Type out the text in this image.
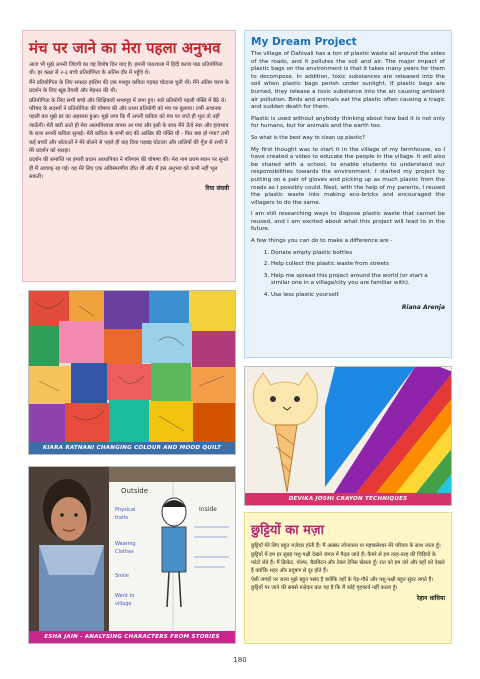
मंच पर जाने का मेरा पहला अनुभव

आज भी मुझे अपनी जिंदगी का वह विशेष दिन याद है। हमारी पाठशाला में हिंदी काव्य पाठ प्रतियोगिता थी। हर कक्षा से २-३ बच्चे प्रतियोगिता के अंतिम दौर में पहुँचे थे।

मैंने प्रतियोगिता के लिए सफदर हाशिम की एक मशहूर कविता गड़बड़ घोटाला चुनी थी। मैंने अंतिम चरण के प्रदर्शन के लिए खूब तैयारी और मेहनत की थी।

प्रतियोगिता के लिए सभी बच्चे और शिक्षिकाएँ सभागृह में जमा हुए। सारे प्रतियोगी पहली पंक्ति में बैठे थे। परिषद के सदस्यों ने प्रतियोगिता की घोषणा की और प्रथम प्रतियोगी को मंच पर बुलाया। तभी अचानक पहली बार मुझे डर का अहसास हुआ। मुझे लगा कि मैं अपनी कविता को मंच पर जाते ही भूल तो नहीं जाऊँगी। मेरी बारी आते ही मेरा आत्मविश्वास वापस आ गया और इसी के साथ मैंने ऊँचे स्वर और हावभाव के साथ अपनी कविता सुनाई। मेरी कविता के सभी छंद की आखिर की पंक्ति थी - फिर क्या हो गया? तभी कई बच्चों और श्रोताओं ने मेरे बोलने से पहले ही कह दिया गड़बड़ घोटाला और तालियों की गूँज से सभी ने मेरे प्रदर्शन को सराहा।

प्रदर्शन की समाप्ति पर हमारी प्रधान अध्यापिका ने परिणाम की घोषणा की। मेरा नाम प्रथम स्थान पर सुनते ही मैं आवाक् रह गई। वह मेरे लिए एक अविस्मरणीय जीत थी और मैं इस अनुभव को कभी नहीं भूल सकती।

रिया संघवी
My Dream Project

The village of Dahivali has a ton of plastic waste all around the sides of the roads, and it pollutes the soil and air. The major impact of plastic bags on the environment is that it takes many years for them to decompose. In addition, toxic substances are released into the soil when plastic bags perish under sunlight. If plastic bags are burned, they release a toxic substance into the air causing ambient air pollution. Birds and animals eat the plastic often causing a tragic and sudden death for them.

Plastic is used without anybody thinking about how bad it is not only for humans, but for animals and the earth too.

So what is the best way to clean up plastic?

My first thought was to start it in the village of my farmhouse, so I have created a video to educate the people in the village. It will also be shared with a school, to enable students to understand our responsibilities towards the environment. I started my project by putting on a pair of gloves and picking up as much plastic from the roads as I possibly could. Next, with the help of my parents, I reused the plastic waste into making eco-bricks and encouraged the villagers to do the same.

I am still researching ways to dispose plastic waste that cannot be reused, and I am excited about what this project will lead to in the future.

A few things you can do to make a difference are -

1. Donate empty plastic bottles
2. Help collect the plastic waste from streets
3. Help me spread this project around the world (or start a similar one in a village/city you are familiar with).
4. Use less plastic yourself.
Riana Arenja
KIARA RATNANI CHANGING COLOUR AND MOOD QUILT
DEVIKA JOSHI CRAYON TECHNIQUES
Outside
Inside
Physical
traits
Wearing
Clothes
Smile
Went to
village
ESHA JAIN - ANALYSING CHARACTERS FROM STORIES
छुट्टियों का मज़ा

छुट्टियाँ मेरे लिए बहुत मज़ेदार होती हैं। मैं अक्सर लोनावला या महाबलेश्वर मेरे परिवार के साथ जाता हूँ।

छुट्टियों में हम हर सुबह पशु-पक्षी देखने जंगल में पैदल जाते हैं। कैमरे से हम तरह-तरह की चिड़ियों के फोटो लेते हैं। मैं क्रिकेट, गोल्फ, बैडमिंटन और टेबल टेनिस खेलता हूँ। रात को हम तारे और ग्रहों को देखते हैं क्योंकि शहर और प्रदूषण से दूर होते हैं।

ऐसी जगहों पर जाना मुझे बहुत पसंद है क्योंकि वहाँ के पेड़-पौधे और पशु-पक्षी बहुत सुंदर लगते हैं। छुट्टियों पर जाने की सबसे मज़ेदार बात यह है कि मैं कोई गृहकार्य नहीं करता हूँ।

रेहान धांधिया
180
